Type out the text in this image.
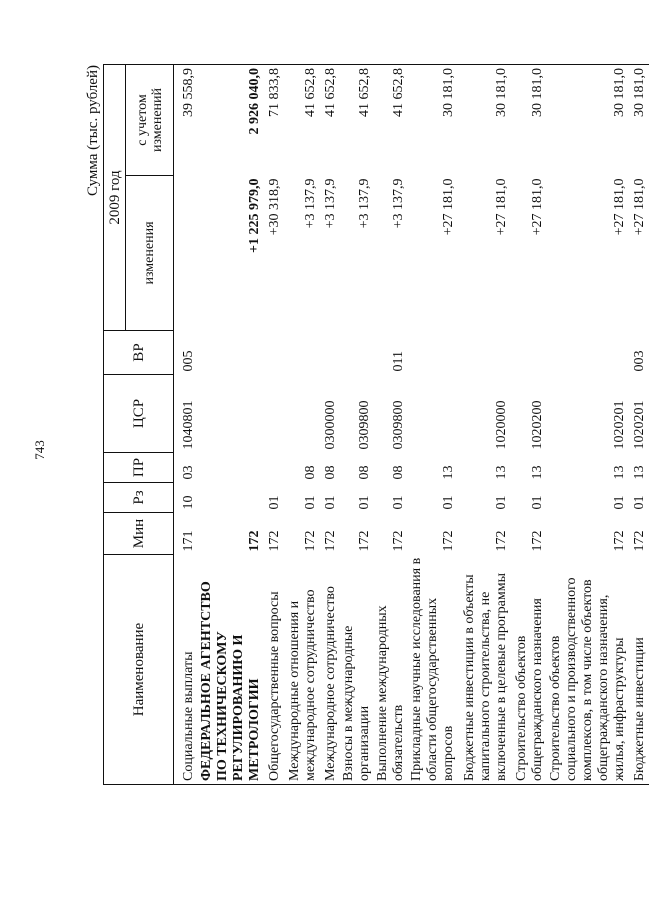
743
Сумма (тыс. рублей)
Наименование	Мин	Рз	ПР	ЦСР	ВР	2009 год	
						изменения	с учетом изменений
Социальные выплаты	171	10	03	1040801	005		39 558,9
ФЕДЕРАЛЬНОЕ АГЕНТСТВО ПО ТЕХНИЧЕСКОМУ РЕГУЛИРОВАНИЮ И МЕТРОЛОГИИ	172					+1 225 979,0	2 926 040,0
Общегосударственные вопросы	172	01				+30 318,9	71 833,8
Международные отношения и международное сотрудничество	172	01	08			+3 137,9	41 652,8
Международное сотрудничество	172	01	08	0300000		+3 137,9	41 652,8
Взносы в международные организации	172	01	08	0309800		+3 137,9	41 652,8
Выполнение международных обязательств	172	01	08	0309800	011	+3 137,9	41 652,8
Прикладные научные исследования в области общегосударственных вопросов	172	01	13			+27 181,0	30 181,0
Бюджетные инвестиции в объекты капитального строительства, не включенные в целевые программы	172	01	13	1020000		+27 181,0	30 181,0
Строительство объектов общегражданского назначения	172	01	13	1020200		+27 181,0	30 181,0
Строительство объектов социального и производственного комплексов, в том числе объектов общегражданского назначения, жилья, инфраструктуры	172	01	13	1020201		+27 181,0	30 181,0
Бюджетные инвестиции	172	01	13	1020201	003	+27 181,0	30 181,0
